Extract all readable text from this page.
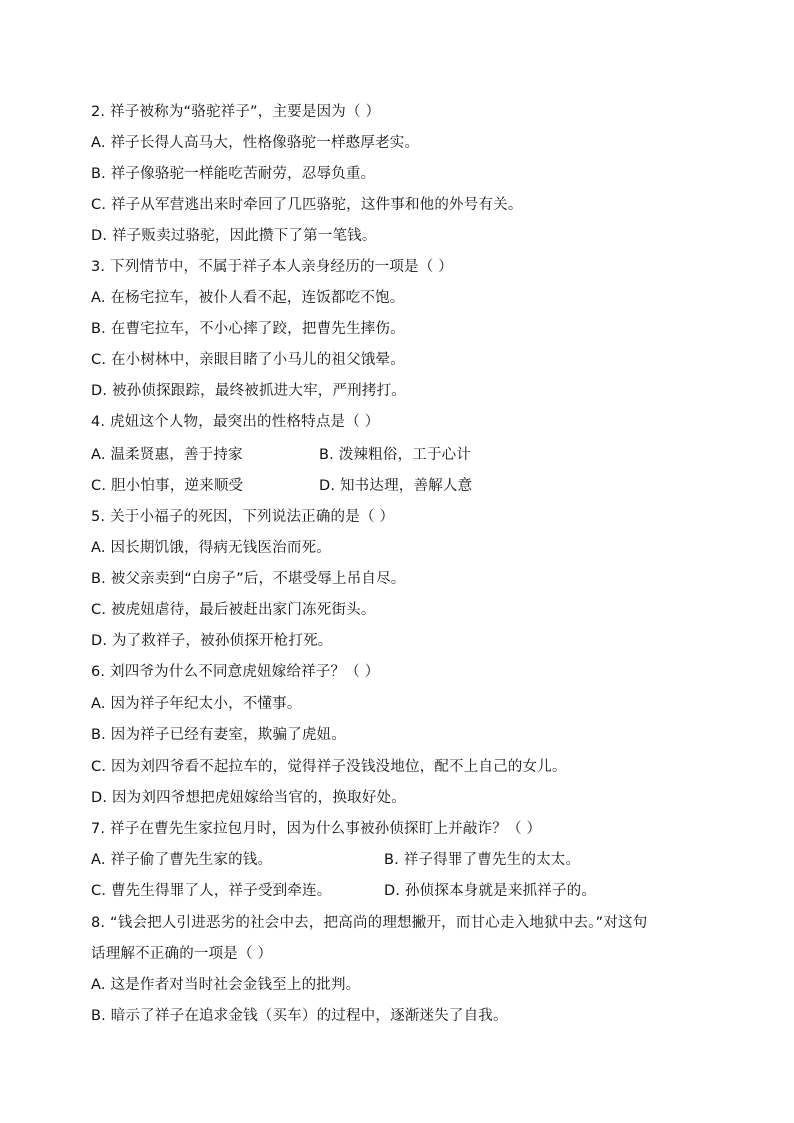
2. 祥子被称为“骆驼祥子”，主要是因为（ ）
A. 祥子长得人高马大，性格像骆驼一样憨厚老实。
B. 祥子像骆驼一样能吃苦耐劳，忍辱负重。
C. 祥子从军营逃出来时牵回了几匹骆驼，这件事和他的外号有关。
D. 祥子贩卖过骆驼，因此攒下了第一笔钱。
3. 下列情节中，不属于祥子本人亲身经历的一项是（ ）
A. 在杨宅拉车，被仆人看不起，连饭都吃不饱。
B. 在曹宅拉车，不小心摔了跤，把曹先生摔伤。
C. 在小树林中，亲眼目睹了小马儿的祖父饿晕。
D. 被孙侦探跟踪，最终被抓进大牢，严刑拷打。
4. 虎妞这个人物，最突出的性格特点是（ ）
A. 温柔贤惠，善于持家	B. 泼辣粗俗，工于心计
C. 胆小怕事，逆来顺受	D. 知书达理，善解人意
5. 关于小福子的死因，下列说法正确的是（ ）
A. 因长期饥饿，得病无钱医治而死。
B. 被父亲卖到“白房子”后，不堪受辱上吊自尽。
C. 被虎妞虐待，最后被赶出家门冻死街头。
D. 为了救祥子，被孙侦探开枪打死。
6. 刘四爷为什么不同意虎妞嫁给祥子？（ ）
A. 因为祥子年纪太小，不懂事。
B. 因为祥子已经有妻室，欺骗了虎妞。
C. 因为刘四爷看不起拉车的，觉得祥子没钱没地位，配不上自己的女儿。
D. 因为刘四爷想把虎妞嫁给当官的，换取好处。
7. 祥子在曹先生家拉包月时，因为什么事被孙侦探盯上并敲诈？（ ）
A. 祥子偷了曹先生家的钱。	B. 祥子得罪了曹先生的太太。
C. 曹先生得罪了人，祥子受到牵连。	D. 孙侦探本身就是来抓祥子的。
8. “钱会把人引进恶劣的社会中去，把高尚的理想撇开，而甘心走入地狱中去。”对这句
话理解不正确的一项是（ ）
A. 这是作者对当时社会金钱至上的批判。
B. 暗示了祥子在追求金钱（买车）的过程中，逐渐迷失了自我。
